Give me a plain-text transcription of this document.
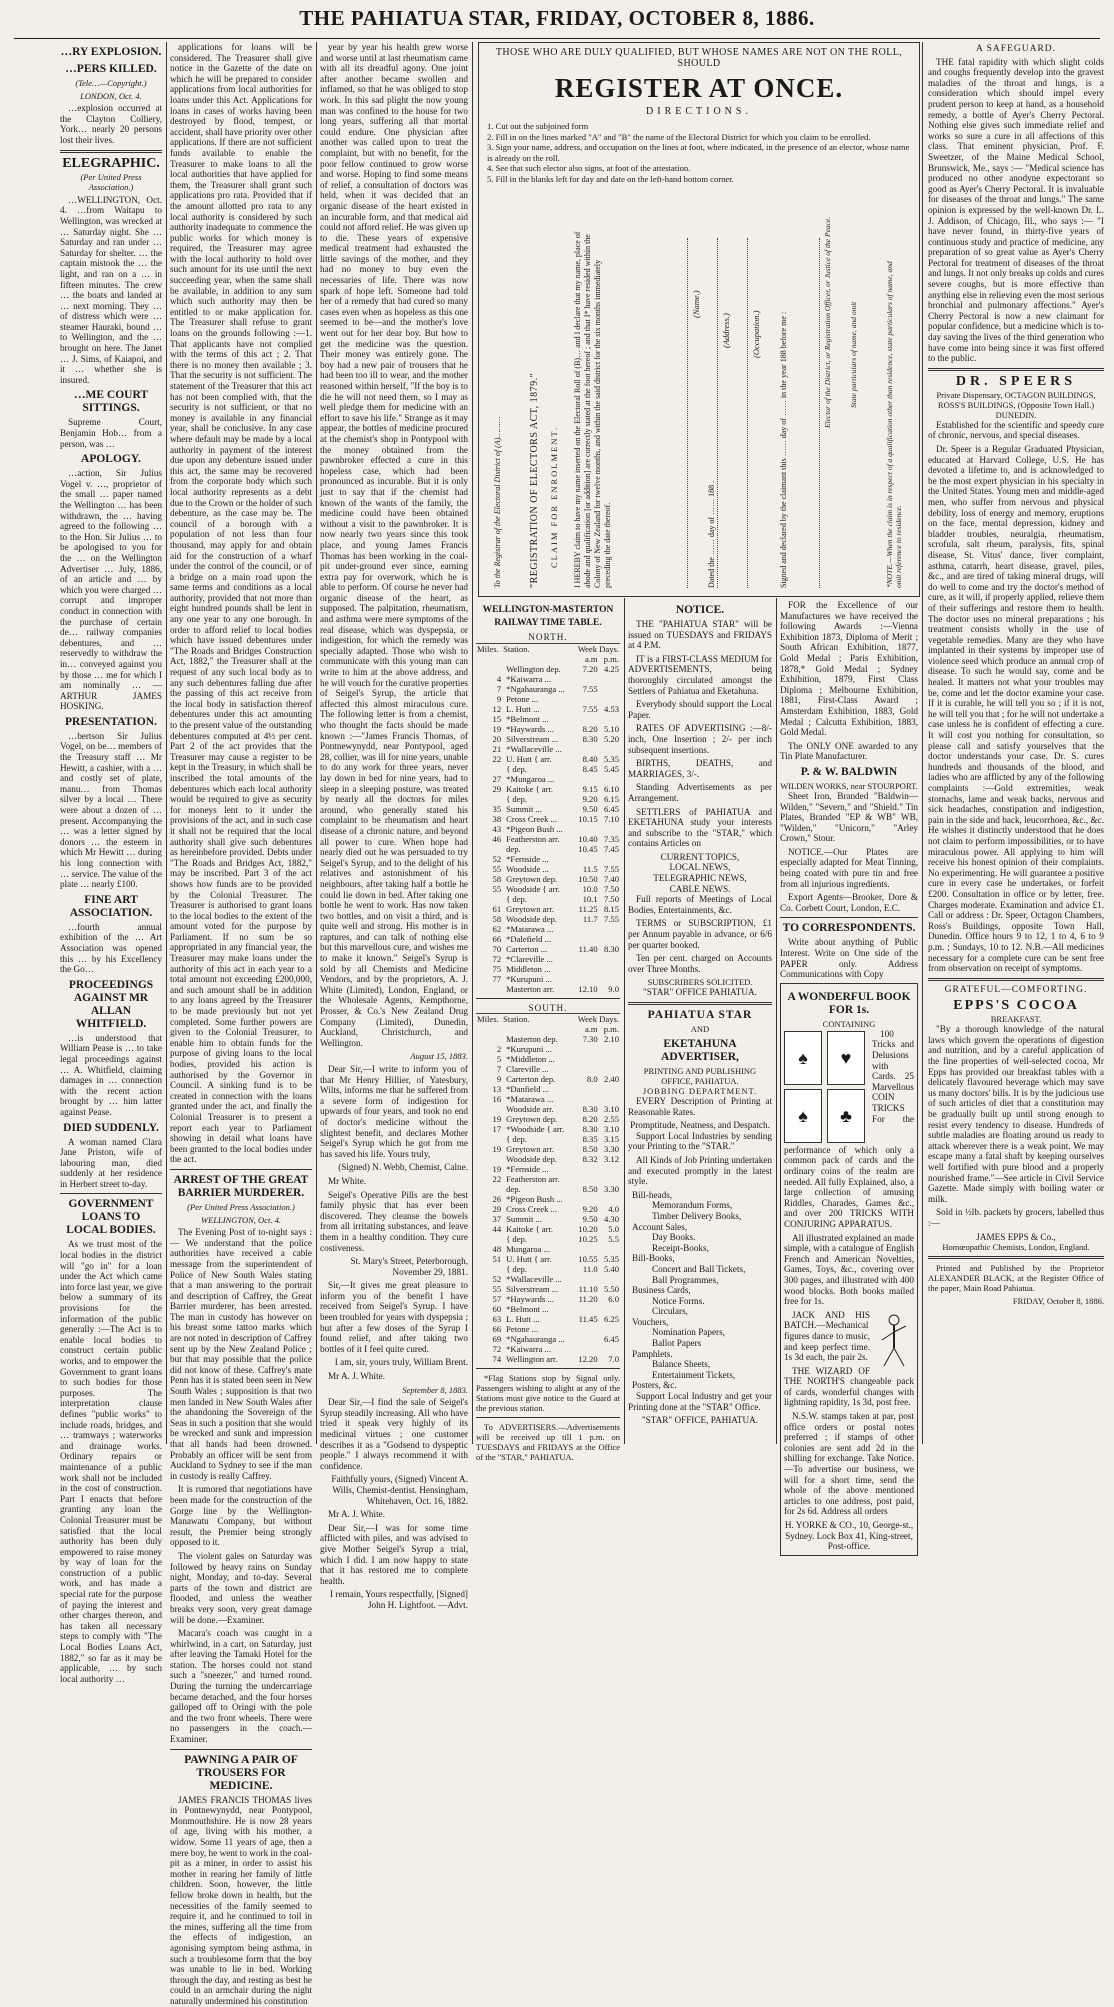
THE PAHIATUA STAR, FRIDAY, OCTOBER 8, 1886.
…RY EXPLOSION.
…PERS KILLED.
(Tele…—Copyright.)
LONDON, Oct. 4.

…explosion occurred at the Clayton Colliery, York… nearly 20 persons lost their lives.

ELEGRAPHIC.
(Per United Press Association.)

…WELLINGTON, Oct. 4. …from Waitapu to Wellington, was wrecked at … Saturday night. She … Saturday and ran under … Saturday for shelter. … the captain mistook the … the light, and ran on a … in fifteen minutes. The crew … the boats and landed at … next morning. They … of distress which were … steamer Hauraki, bound … to Wellington, and the … brought on here. The Janet … J. Sims, of Kaiapoi, and it … whether she is insured.

…ME COURT SITTINGS.

Supreme Court, Benjamin Hob… from a person, was …

APOLOGY.

…action, Sir Julius Vogel v. …, proprietor of the small … paper named the Wellington … has been withdrawn, the … having agreed to the following … to the Hon. Sir Julius … to be apologised to you for the … on the Wellington Advertiser … July, 1886, of an article and … by which you were charged … corrupt and improper conduct in connection with the purchase of certain de… railway companies debentures, and … reservedly to withdraw the in… conveyed against you by those … me for which I am nominally … —ARTHUR JAMES HOSKING.

PRESENTATION.

…bertson Sir Julius Vogel, on be… members of the Treasury staff … Mr Hewitt, a cashier, with a … and costly set of plate, manu… from Thomas silver by a local … There were about a dozen of … present. Accompanying the … was a letter signed by donors … the esteem in which Mr Hewitt … during his long connection with … service. The value of the plate … nearly £100.

FINE ART ASSOCIATION.

…fourth annual exhibition of the … Art Association was opened this … by his Excellency the Go…

PROCEEDINGS AGAINST MR ALLAN WHITFIELD.

…is understood that William Pease is … to take legal proceedings against … A. Whitfield, claiming damages in … connection with the recent action brought by … him latter against Pease.

DIED SUDDENLY.

A woman named Clara Jane Priston, wife of labouring man, died suddenly at her residence in Herbert street to-day.

GOVERNMENT LOANS TO LOCAL BODIES.

As we trust most of the local bodies in the district will "go in" for a loan under the Act which came into force last year, we give below a summary of its provisions for the information of the public generally :—The Act is to enable local bodies to construct certain public works, and to empower the Government to grant loans to such bodies for those purposes. The interpretation clause defines "public works" to include roads, bridges, and … tramways ; waterworks and drainage works. Ordinary repairs or maintenance of a public work shall not be included in the cost of construction. Part I enacts that before granting any loan the Colonial Treasurer must be satisfied that the local authority has been duly empowered to raise money by way of loan for the construction of a public work, and has made a special rate for the purpose of paying the interest and other charges thereon, and has taken all necessary steps to comply with "The Local Bodies Loans Act, 1882," so far as it may be applicable, … by such local authority …

applications for loans will be considered. The Treasurer shall give notice in the Gazette of the date on which he will be prepared to consider applications from local authorities for loans under this Act. Applications for loans in cases of works having been destroyed by flood, tempest, or accident, shall have priority over other applications. If there are not sufficient funds available to enable the Treasurer to make loans to all the local authorities that have applied for them, the Treasurer shall grant such applications pro rata. Provided that if the amount allotted pro rata to any local authority is considered by such authority inadequate to commence the public works for which money is required, the Treasurer may agree with the local authority to hold over such amount for its use until the next succeeding year, when the same shall be available, in addition to any sum which such authority may then be entitled to or make application for. The Treasurer shall refuse to grant loans on the grounds following :—1. That applicants have not complied with the terms of this act ; 2. That there is no money then available ; 3. That the security is not sufficient. The statement of the Treasurer that this act has not been complied with, that the security is not sufficient, or that no money is available in any financial year, shall be conclusive. In any case where default may be made by a local authority in payment of the interest due upon any debenture issued under this act, the same may be recovered from the corporate body which such local authority represents as a debt due to the Crown or the holder of such debenture, as the case may be. The council of a borough with a population of not less than four thousand, may apply for and obtain aid for the construction of a wharf under the control of the council, or of a bridge on a main road upon the same terms and conditions as a local authority, provided that not more than eight hundred pounds shall be lent in any one year to any one borough. In order to afford relief to local bodies which have issued debentures under "The Roads and Bridges Construction Act, 1882," the Treasurer shall at the request of any such local body as to any such debentures falling due after the passing of this act receive from the local body in satisfaction thereof debentures under this act amounting to the present value of the outstanding debentures computed at 4½ per cent. Part 2 of the act provides that the Treasurer may cause a register to be kept in the Treasury, in which shall be inscribed the total amounts of the debentures which each local authority would be required to give as security for moneys lent to it under the provisions of the act, and in such case it shall not be required that the local authority shall give such debentures as hereinbefore provided. Debts under "The Roads and Bridges Act, 1882," may be inscribed. Part 3 of the act shows how funds are to be provided by the Colonial Treasurer. The Treasurer is authorised to grant loans to the local bodies to the extent of the amount voted for the purpose by Parliament. If no sum be so appropriated in any financial year, the Treasurer may make loans under the authority of this act in each year to a total amount not exceeding £200,000, and such amount shall be in addition to any loans agreed by the Treasurer to be made previously but not yet completed. Some further powers are given to the Colonial Treasurer, to enable him to obtain funds for the purpose of giving loans to the local bodies, provided his action is authorised by the Governor in Council. A sinking fund is to be created in connection with the loans granted under the act, and finally the Colonial Treasurer is to present a report each year to Parliament showing in detail what loans have been granted to the local bodies under the act.

ARREST OF THE GREAT BARRIER MURDERER.
(Per United Press Association.)
WELLINGTON, Oct. 4.

The Evening Post of to-night says :— We understand that the police authorities have received a cable message from the superintendent of Police of New South Wales stating that a man answering to the portrait and description of Caffrey, the Great Barrier murderer, has been arrested. The man in custody has however on his breast some tattoo marks which are not noted in description of Caffrey sent up by the New Zealand Police ; but that may possible that the police did not know of these. Caffrey's mate Penn has it is stated been seen in New South Wales ; supposition is that two men landed in New South Wales after the abandoning the Sovereign of the Seas in such a position that she would be wrecked and sunk and impression that all hands had been drowned. Probably an officer will be sent from Auckland to Sydney to see if the man in custody is really Caffrey.

It is rumored that negotiations have been made for the construction of the Gorge line by the Wellington-Manawatu Company, but without result, the Premier being strongly opposed to it.

The violent gales on Saturday was followed by heavy rains on Sunday night, Monday, and to-day. Several parts of the town and district are flooded, and unless the weather breaks very soon, very great damage will be done.—Examiner.

Macara's coach was caught in a whirlwind, in a cart, on Saturday, just after leaving the Tamaki Hotel for the station. The horses could not stand such a "sneezer," and turned round. During the turning the undercarriage became detached, and the four horses galloped off to Oringi with the pole and the two front wheels. There were no passengers in the coach.—Examiner.

PAWNING A PAIR OF TROUSERS FOR MEDICINE.

JAMES FRANCIS THOMAS lives in Pontnewynydd, near Pontypool, Monmouthshire. He is now 28 years of age, living with his mother, a widow. Some 11 years of age, then a mere boy, he went to work in the coal-pit as a miner, in order to assist his mother in rearing her family of little children. Soon, however, the little fellow broke down in health, but the necessities of the family seemed to require it, and he continued to toil in the mines, suffering all the time from the effects of indigestion, an agonising symptom being asthma, in such a troublesome form that the boy was unable to lie in bed. Working through the day, and resting as best he could in an armchair during the night naturally undermined his constitution

year by year his health grew worse and worse until at last rheumatism came with all its dreadful agony. One joint after another became swollen and inflamed, so that he was obliged to stop work. In this sad plight the now young man was confined to the house for two long years, suffering all that mortal could endure. One physician after another was called upon to treat the complaint, but with no benefit, for the poor fellow continued to grow worse and worse. Hoping to find some means of relief, a consultation of doctors was held, when it was decided that an organic disease of the heart existed in an incurable form, and that medical aid could not afford relief. He was given up to die. These years of expensive medical treatment had exhausted the little savings of the mother, and they had no money to buy even the necessaries of life. There was now spark of hope left. Someone had told her of a remedy that had cured so many cases even when as hopeless as this one seemed to be—and the mother's love went out for her dear boy. But how to get the medicine was the question. Their money was entirely gone. The boy had a new pair of trousers that he had been too ill to wear, and the mother reasoned within herself, "If the boy is to die he will not need them, so I may as well pledge them for medicine with an effort to save his life." Strange as it may appear, the bottles of medicine procured at the chemist's shop in Pontypool with the money obtained from the pawnbroker effected a cure in this hopeless case, which had been pronounced as incurable. But it is only just to say that if the chemist had known of the wants of the family, the medicine could have been obtained without a visit to the pawnbroker. It is now nearly two years since this took place, and young James Francis Thomas has been working in the coal-pit under-ground ever since, earning extra pay for overwork, which he is able to perform. Of course he never had organic disease of the heart, as supposed. The palpitation, rheumatism, and asthma were mere symptoms of the real disease, which was dyspepsia, or indigestion, for which the remedy was specially adapted. Those who wish to communicate with this young man can write to him at the above address, and he will vouch for the curative properties of Seigel's Syrup, the article that affected this almost miraculous cure. The following letter is from a chemist, who thought the facts should be made known :—"James Francis Thomas, of Pontnewynydd, near Pontypool, aged 28, collier, was ill for nine years, unable to do any work for three years, never lay down in bed for nine years, had to sleep in a sleeping posture, was treated by nearly all the doctors for miles around, who generally stated his complaint to be rheumatism and heart disease of a chronic nature, and beyond all power to cure. When hope had nearly died out he was persuaded to try Seigel's Syrup, and to the delight of his relatives and astonishment of his neighbours, after taking half a bottle he could lie down in bed. After taking one bottle he went to work. Has now taken two bottles, and on visit a third, and is quite well and strong. His mother is in raptures, and can talk of nothing else but this marvellous cure, and wishes me to make it known." Seigel's Syrup is sold by all Chemists and Medicine Vendors, and by the proprietors, A. J. White (Limited), London, England, or the Wholesale Agents, Kempthorne, Prosser, & Co.'s New Zealand Drug Company (Limited), Dunedin, Auckland, Christchurch, and Wellington.

August 15, 1883.

Dear Sir,—I write to inform you of that Mr Henry Hillier, of Yatesbury, Wilts, informs me that he suffered from a severe form of indigestion for upwards of four years, and took no end of doctor's medicine without the slightest benefit, and declares Mother Seigel's Syrup which he got from me has saved his life. Yours truly,

(Signed) N. Webb, Chemist, Calne.

Mr White.

Seigel's Operative Pills are the best family physic that has ever been discovered. They cleanse the bowels from all irritating substances, and leave them in a healthy condition. They cure costiveness.

St. Mary's Street, Peterborough, November 29, 1881.

Sir,—It gives me great pleasure to inform you of the benefit I have received from Seigel's Syrup. I have been troubled for years with dyspepsia ; but after a few doses of the Syrup I found relief, and after taking two bottles of it I feel quite cured.

I am, sir, yours truly, William Brent.

Mr A. J. White.

September 8, 1883.

Dear Sir,—I find the sale of Seigel's Syrup steadily increasing. All who have tried it speak very highly of its medicinal virtues ; one customer describes it as a "Godsend to dyspeptic people." I always recommend it with confidence.

Faithfully yours, (Signed) Vincent A. Wills, Chemist-dentist. Hensingham, Whitehaven, Oct. 16, 1882.

Mr A. J. White.

Dear Sir,—I was for some time afflicted with piles, and was advised to give Mother Seigel's Syrup a trial, which I did. I am now happy to state that it has restored me to complete health.

I remain, Yours respectfully, [Signed] John H. Lightfoot. —Advt.

THOSE WHO ARE DULY QUALIFIED, BUT WHOSE NAMES ARE NOT ON THE ROLL, SHOULD
REGISTER AT ONCE.
DIRECTIONS.
1. Cut out the subjoined form
2. Fill in on the lines marked "A" and "B" the name of the Electoral District for which you claim to be enrolled.
3. Sign your name, address, and occupation on the lines at foot, where indicated, in the presence of an elector, whose name is already on the roll.
4. See that such elector also signs, at foot of the attestation.
5. Fill in the blanks left for day and date on the left-hand bottom corner.
To the Registrar of the Electoral District of (A)………	"REGISTRATION OF ELECTORS ACT, 1879." CLAIM FOR ENROLMENT. I HEREBY claim to have my name inserted on the Electoral Roll of (B)… and I declare that my name, place of abode and qualification [or addition] are correctly stated at the foot hereof ; and that I* have resided within the Colony of New Zealand for twelve months, and within the said district for the six months immediately preceding the date thereof.
(Name.)
(Address.) (Occupation.)	Elector of the District, or Registration Officer, or Justice of the Peace. State particulars of name, and omit
Dated the …… day of …… 188 .	Signed and declared by the claimant this …… day of …… in the year 188 before me :	*NOTE.—When the claim is in respect of a qualification other than residence, state particulars of name, and omit reference to residence.
WELLINGTON-MASTERTON RAILWAY TIME TABLE.
NORTH.
Miles.	Station.	Week Days.	
		a.m	p.m.
	Wellington dep.	7.20	4.25
4	*Kaiwarra ...		
7	*Ngahauranga ...	7.55	
9	Petone ...		
12	L. Hutt ...	7.55	4.53
15	*Belmont ...		
19	*Haywards ...	8.20	5.10
20	Silverstream ...	8.30	5.20
21	*Wallaceville ...		
22	U. Hutt { arr.	8.40	5.35
	{ dep.	8.45	5.45
27	*Mungaroa ...		
29	Kaitoke { arr.	9.15	6.10
	{ dep.	9.20	6.15
35	Summit ...	9.50	6.45
38	Cross Creek ...	10.15	7.10
43	*Pigeon Bush ...		
46	Featherston arr.	10.40	7.35
	dep.	10.45	7.45
52	*Fernside ...		
55	Woodside ...	11.5	7.55
58	Greytown dep.	10.50	7.40
55	Woodside { arr.	10.0	7.50
	{ dep.	10.1	7.50
61	Greytown arr.	11.25	8.15
58	Woodside dep.	11.7	7.55
62	*Matarawa ...		
66	*Dalefield ...		
70	Carterton ...	11.40	8.30
72	*Clareville ...		
75	Middleton ...		
77	*Kurupuni ...		
	Masterton arr.	12.10	9.0
SOUTH.
Miles.	Station.	Week Days.	
		a.m	p.m.
	Masterton dep.	7.30	2.10
2	*Kurupuni ...		
5	*Middleton ...		
7	Clareville ...		
9	Carterton dep.	8.0	2.40
13	*Danfield ...		
16	*Matarawa ...		
	Woodside arr.	8.30	3.10
19	Greytown dep.	8.20	2.55
17	*Woodside { arr.	8.30	3.10
	{ dep.	8.35	3.15
19	Greytown arr.	8.50	3.30
	Woodside dep.	8.32	3.12
19	*Fernside ...		
22	Featherston arr.		
	dep.	8.50	3.30
26	*Pigeon Bush ...		
29	Cross Creek ...	9.20	4.0
37	Summit ...	9.50	4.30
44	Kaitoke { arr.	10.20	5.0
	{ dep.	10.25	5.5
48	Mungaroa ...		
51	U. Hutt { arr.	10.55	5.35
	{ dep.	11.0	5.40
52	*Wallaceville ...		
55	Silverstream ...	11.10	5.50
57	*Haywards ...	11.20	6.0
60	*Belmont ...		
63	L. Hutt ...	11.45	6.25
66	Petone ...		
69	*Ngahauranga ...		6.45
72	*Kaiwarra ...		
74	Wellington arr.	12.20	7.0

*Flag Stations stop by Signal only. Passengers wishing to alight at any of the Stations must give notice to the Guard at the previous station.

To ADVERTISERS.—Advertisements will be received up till 1 p.m. on TUESDAYS and FRIDAYS at the Office of the "STAR," PAHIATUA.

NOTICE.

THE "PAHIATUA STAR" will be issued on TUESDAYS and FRIDAYS at 4 P.M.

IT is a FIRST-CLASS MEDIUM for ADVERTISEMENTS, being thoroughly circulated amongst the Settlers of Pahiatua and Eketahuna.

Everybody should support the Local Paper.

RATES OF ADVERTISING :—8/- inch, One Insertion ; 2/- per inch subsequent insertions.

BIRTHS, DEATHS, and MARRIAGES, 3/-.

Standing Advertisements as per Arrangement.

SETTLERS of PAHIATUA and EKETAHUNA study your interests and subscribe to the "STAR," which contains Articles on

CURRENT TOPICS,
LOCAL NEWS,
TELEGRAPHIC NEWS,
CABLE NEWS.

Full reports of Meetings of Local Bodies, Entertainments, &c.

TERMS or SUBSCRIPTION, £1 per Annum payable in advance, or 6/6 per quarter booked.

Ten per cent. charged on Accounts over Three Months.

SUBSCRIBERS SOLICITED.
"STAR" OFFICE PAHIATUA.
PAHIATUA STAR
AND
EKETAHUNA ADVERTISER,
PRINTING AND PUBLISHING OFFICE, PAHIATUA.
JOBBING DEPARTMENT.

EVERY Description of Printing at Reasonable Rates.

Promptitude, Neatness, and Despatch.

Support Local Industries by sending your Printing to the "STAR."

All Kinds of Job Printing undertaken and executed promptly in the latest style.

Bill-heads,
Memorandum Forms,
Timber Delivery Books,
Account Sales,
Day Books.
Receipt-Books,
Bill-Books,
Concert and Ball Tickets,
Ball Programmes,
Business Cards,
Notice Forms.
Circulars,
Vouchers,
Nomination Papers,
Ballot Papers
Pamphlets.
Balance Sheets,
Entertainment Tickets,
Posters, &c.

Support Local Industry and get your Printing done at the "STAR" Office.

"STAR" OFFICE, PAHIATUA.

FOR the Excellence of our Manufactures we have received the following Awards :—Vienna Exhibition 1873, Diploma of Merit ; South African Exhibition, 1877, Gold Medal ; Paris Exhibition, 1878,* Gold Medal ; Sydney Exhibition, 1879, First Class Diploma ; Melbourne Exhibition, 1881, First-Class Award ; Amsterdam Exhibition, 1883, Gold Medal ; Calcutta Exhibition, 1883, Gold Medal.

The ONLY ONE awarded to any Tin Plate Manufacturer.

P. & W. BALDWIN
WILDEN WORKS, near STOURPORT.

Sheet Iron, Branded "Baldwin—Wilden," "Severn," and "Shield." Tin Plates, Branded "EP & WB" WB, "Wilden," "Unicorn," "Arley Crown," Stour.

NOTICE.—Our Plates are especially adapted for Meat Tinning, being coated with pure tin and free from all injurious ingredients.

Export Agents—Brooker, Dore & Co. Corbett Court, London, E.C.

TO CORRESPONDENTS.

Write about anything of Public Interest. Write on One side of the PAPER only. Address Communications with Copy

A WONDERFUL BOOK FOR 1s.
CONTAINING
♠	♥
♠	♣

100 Tricks and Delusions with Cards. 25 Marvellous COIN TRICKS For the performance of which only a common pack of cards and the ordinary coins of the realm are needed. All fully Explained, also, a large collection of amusing Riddles, Charades, Games &c., and over 200 TRICKS WITH CONJURING APPARATUS.

All illustrated explained an made simple, with a catalogue of English French and American Novelties, Games, Toys, &c., covering over 300 pages, and illustrated with 400 wood blocks. Both books mailed free for 1s.

JACK AND HIS BATCH.—Mechanical figures dance to music, and keep perfect time. 1s 3d each, the pair 2s.

THE WIZARD OF THE NORTH'S changeable pack of cards, wonderful changes with lightning rapidity, 1s 3d, post free.

N.S.W. stamps taken at par, post office orders or postal notes preferred ; if stamps of other colonies are sent add 2d in the shilling for exchange. Take Notice.—To advertise our business, we will for a short time, send the whole of the above mentioned articles to one address, post paid, for 2s 6d. Address all orders

H. YORKE & CO., 10, George-st., Sydney. Lock Box 41, King-street, Post-office.
A SAFEGUARD.

THE fatal rapidity with which slight colds and coughs frequently develop into the gravest maladies of the throat and lungs, is a consideration which should impel every prudent person to keep at hand, as a household remedy, a bottle of Ayer's Cherry Pectoral. Nothing else gives such immediate relief and works so sure a cure in all affections of this class. That eminent physician, Prof. F. Sweetzer, of the Maine Medical School, Brunswick, Me., says :— "Medical science has produced no other anodyne expectorant so good as Ayer's Cherry Pectoral. It is invaluable for diseases of the throat and lungs." The same opinion is expressed by the well-known Dr. L. J. Addison, of Chicago, Ill., who says :— "I have never found, in thirty-five years of continuous study and practice of medicine, any preparation of so great value as Ayer's Cherry Pectoral for treatment of diseases of the throat and lungs. It not only breaks up colds and cures severe coughs, but is more effective than anything else in relieving even the most serious bronchial and pulmonary affections." Ayer's Cherry Pectoral is now a new claimant for popular confidence, but a medicine which is to-day saving the lives of the third generation who have come into being since it was first offered to the public.

DR. SPEERS
Private Dispensary, OCTAGON BUILDINGS, ROSS'S BUILDINGS, (Opposite Town Hall.) DUNEDIN.

Established for the scientific and speedy cure of chronic, nervous, and special diseases.

Dr. Speer is a Regular Graduated Physician, educated at Harvard College, U.S. He has devoted a lifetime to, and is acknowledged to be the most expert physician in his specialty in the United States. Young men and middle-aged men, who suffer from nervous and physical debility, loss of energy and memory, eruptions on the face, mental depression, kidney and bladder troubles, neuralgia, rheumatism, scrofula, salt rheum, paralysis, fits, spinal disease, St. Vitus' dance, liver complaint, asthma, catarrh, heart disease, gravel, piles, &c., and are tired of taking mineral drugs, will do well to come and try the doctor's method of cure, as it will, if properly applied, relieve them of their sufferings and restore them to health. The doctor uses no mineral preparations ; his treatment consists wholly in the use of vegetable remedies. Many are they who have implanted in their systems by improper use of violence seed which produce an annual crop of disease. To such he would say, come and be healed. It matters not what your troubles may be, come and let the doctor examine your case. If it is curable, he will tell you so ; if it is not, he will tell you that ; for he will not undertake a case unless he is confident of effecting a cure. It will cost you nothing for consultation, so please call and satisfy yourselves that the doctor understands your case. Dr. S. cures hundreds and thousands of the blood, and ladies who are afflicted by any of the following complaints :—Gold extremities, weak stomachs, lame and weak backs, nervous and sick headaches, constipation and indigestion, pain in the side and back, leucorrhoea, &c., &c. He wishes it distinctly understood that he does not claim to perform impossibilities, or to have miraculous power. All applying to him will receive his honest opinion of their complaints. No experimenting. He will guarantee a positive cure in every case he undertakes, or forfeit £200. Consultation in office or by letter, free. Charges moderate. Examination and advice £1. Call or address : Dr. Speer, Octagon Chambers, Ross's Buildings, opposite Town Hall, Dunedin. Office hours 9 to 12, 1 to 4, 6 to 9 p.m. ; Sundays, 10 to 12. N.B.—All medicines necessary for a complete cure can be sent free from observation on receipt of symptoms.

GRATEFUL—COMFORTING.
EPPS'S COCOA
BREAKFAST.

"By a thorough knowledge of the natural laws which govern the operations of digestion and nutrition, and by a careful application of the fine properties of well-selected cocoa, Mr Epps has provided our breakfast tables with a delicately flavoured beverage which may save us many doctors' bills. It is by the judicious use of such articles of diet that a constitution may be gradually built up until strong enough to resist every tendency to disease. Hundreds of subtle maladies are floating around us ready to attack wherever there is a weak point. We may escape many a fatal shaft by keeping ourselves well fortified with pure blood and a properly nourished frame."—See article in Civil Service Gazette. Made simply with boiling water or milk.

Sold in ½lb. packets by grocers, labelled thus :—

JAMES EPPS & Co.,
Homœopathic Chemists, London, England.

Printed and Published by the Proprietor ALEXANDER BLACK, at the Register Office of the paper, Main Road Pahiatua.

FRIDAY, October 8, 1886.
